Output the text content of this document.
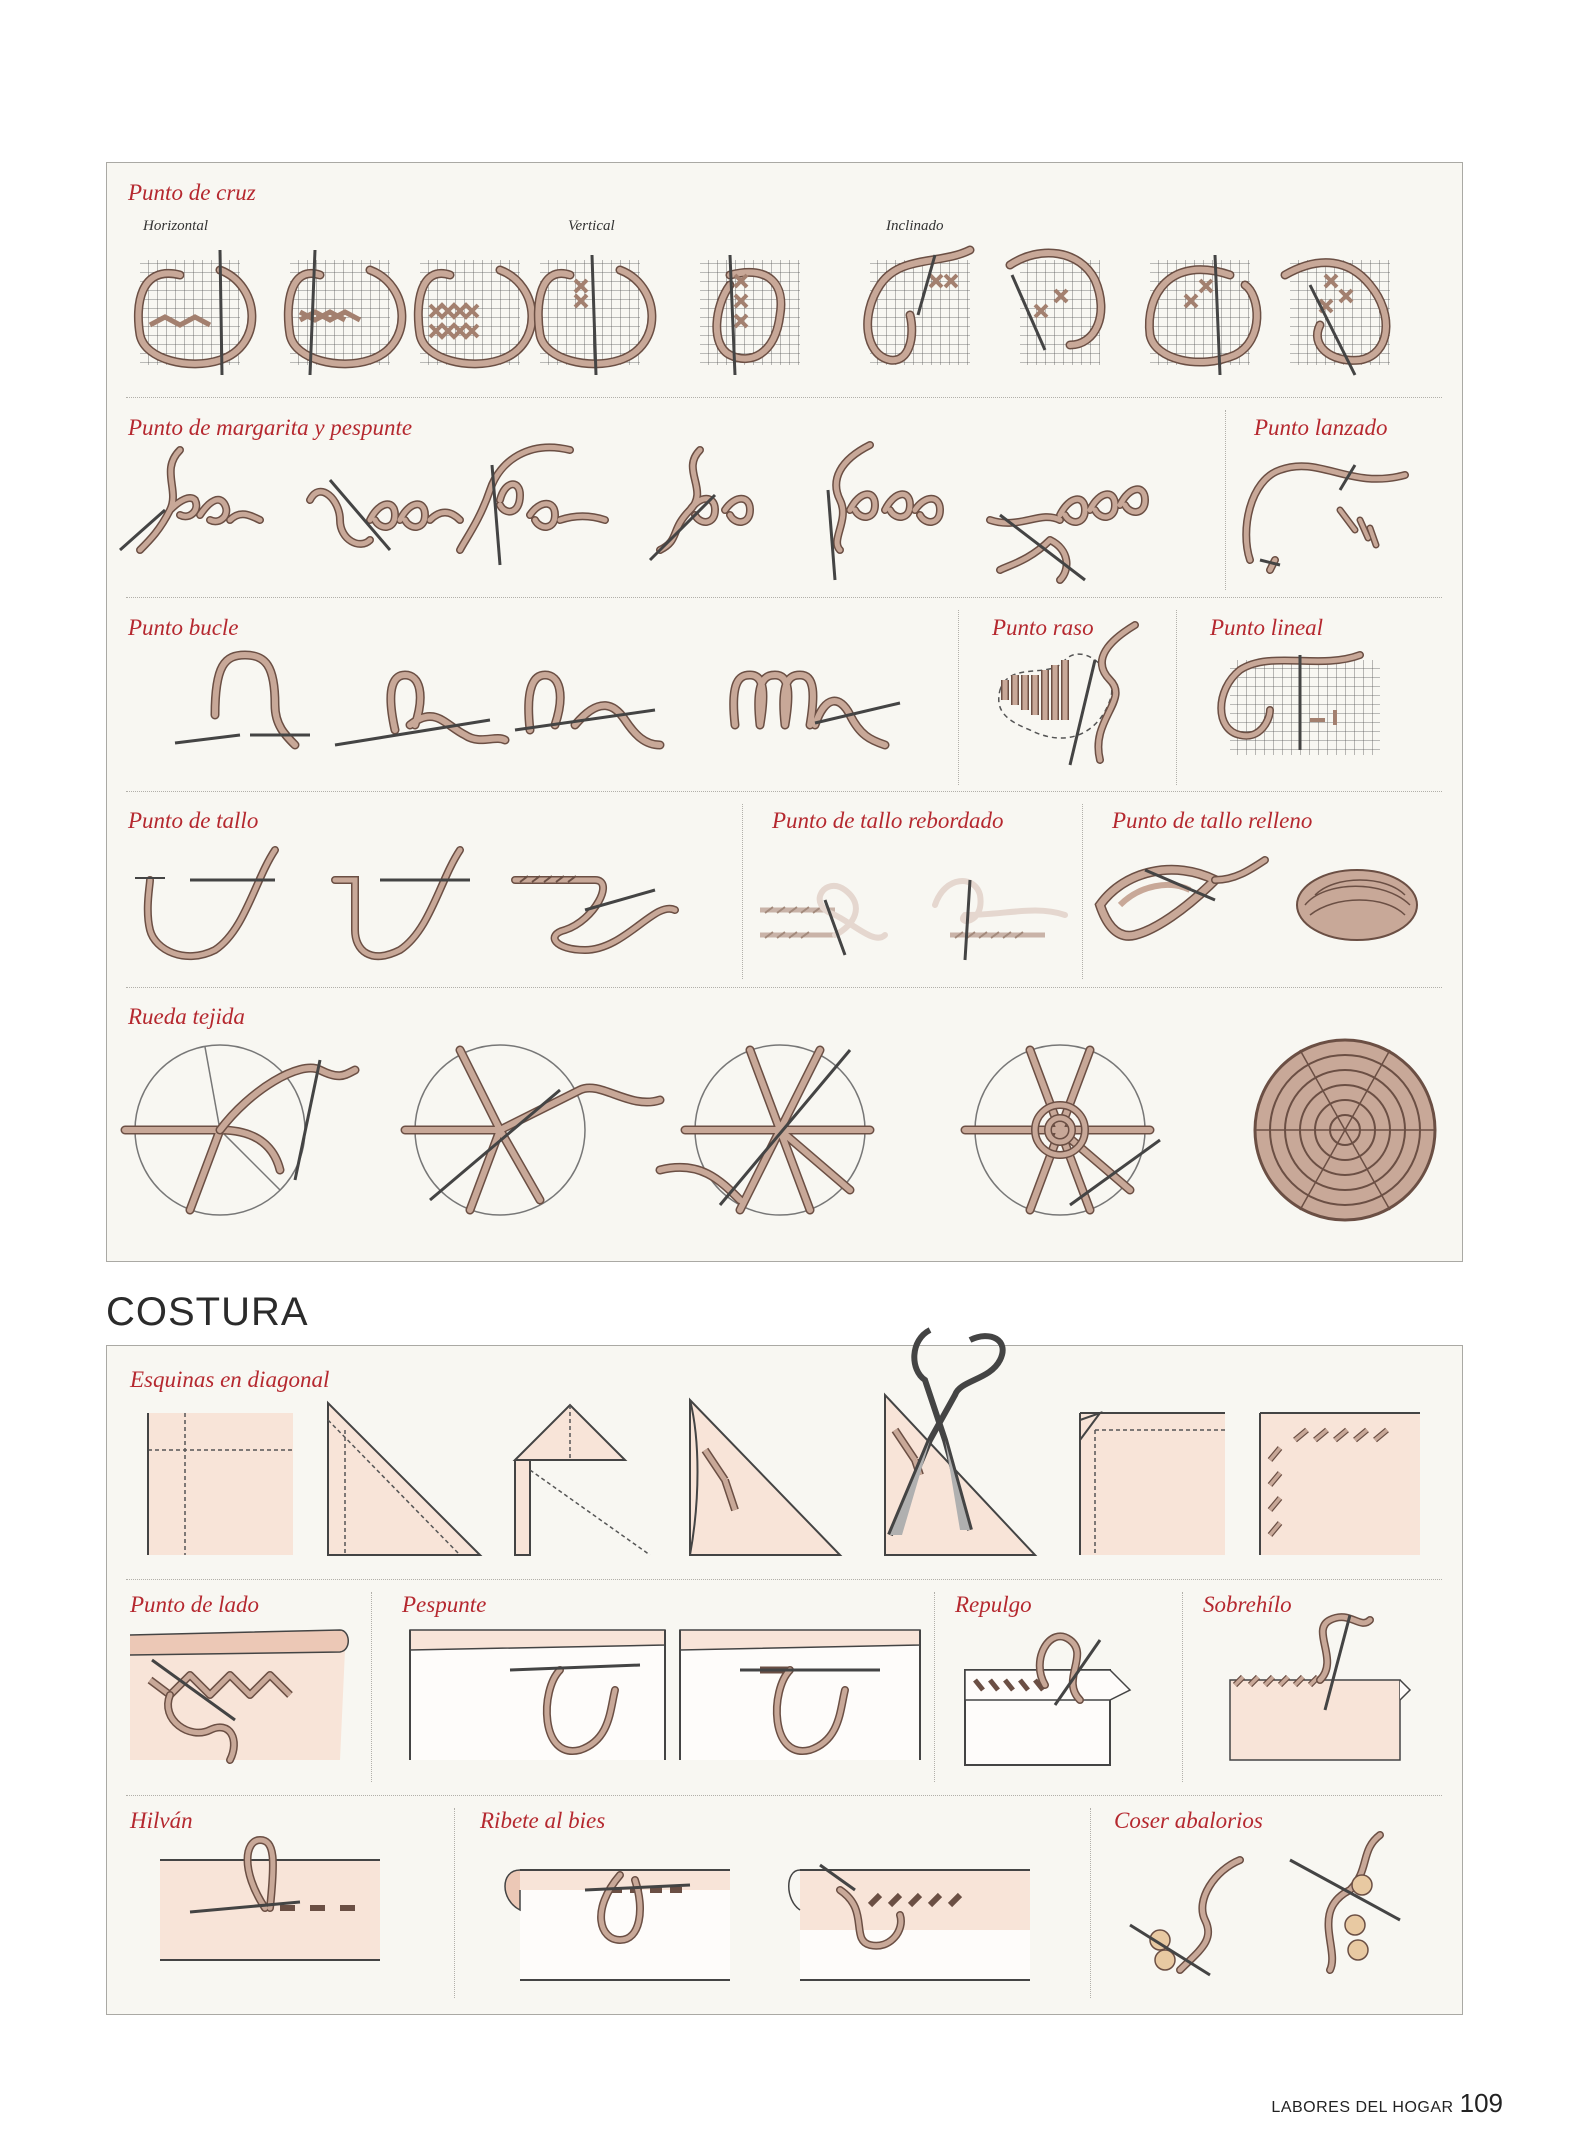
Punto de cruz
Horizontal	Vertical	Inclinado
Punto de margarita y pespunte	Punto lanzado
Punto bucle	Punto raso	Punto lineal
Punto de tallo	Punto de tallo rebordado	Punto de tallo relleno
Rueda tejida
COSTURA
Esquinas en diagonal
Punto de lado	Pespunte	Repulgo	Sobrehílo
Hilván	Ribete al bies	Coser abalorios
LABORES DEL HOGAR 109
